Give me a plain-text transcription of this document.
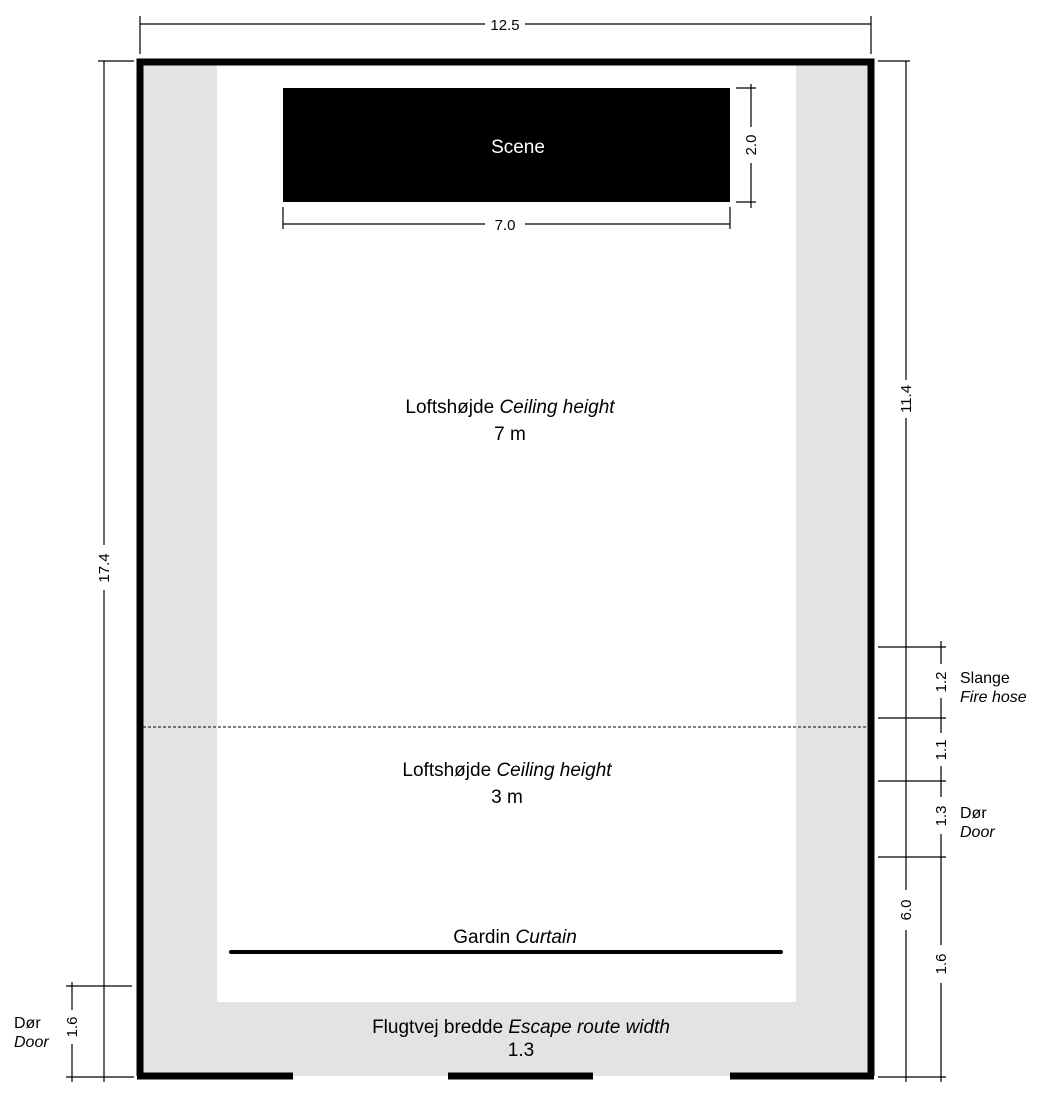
Scene
12.5
7.0
2.0
17.4
1.6
Dør
Door
11.4
6.0
1.2
1.1
1.3
1.6
Slange
Fire hose
Dør
Door
Loftshøjde Ceiling height
7 m
Loftshøjde Ceiling height
3 m
Gardin Curtain
Flugtvej bredde Escape route width
1.3
